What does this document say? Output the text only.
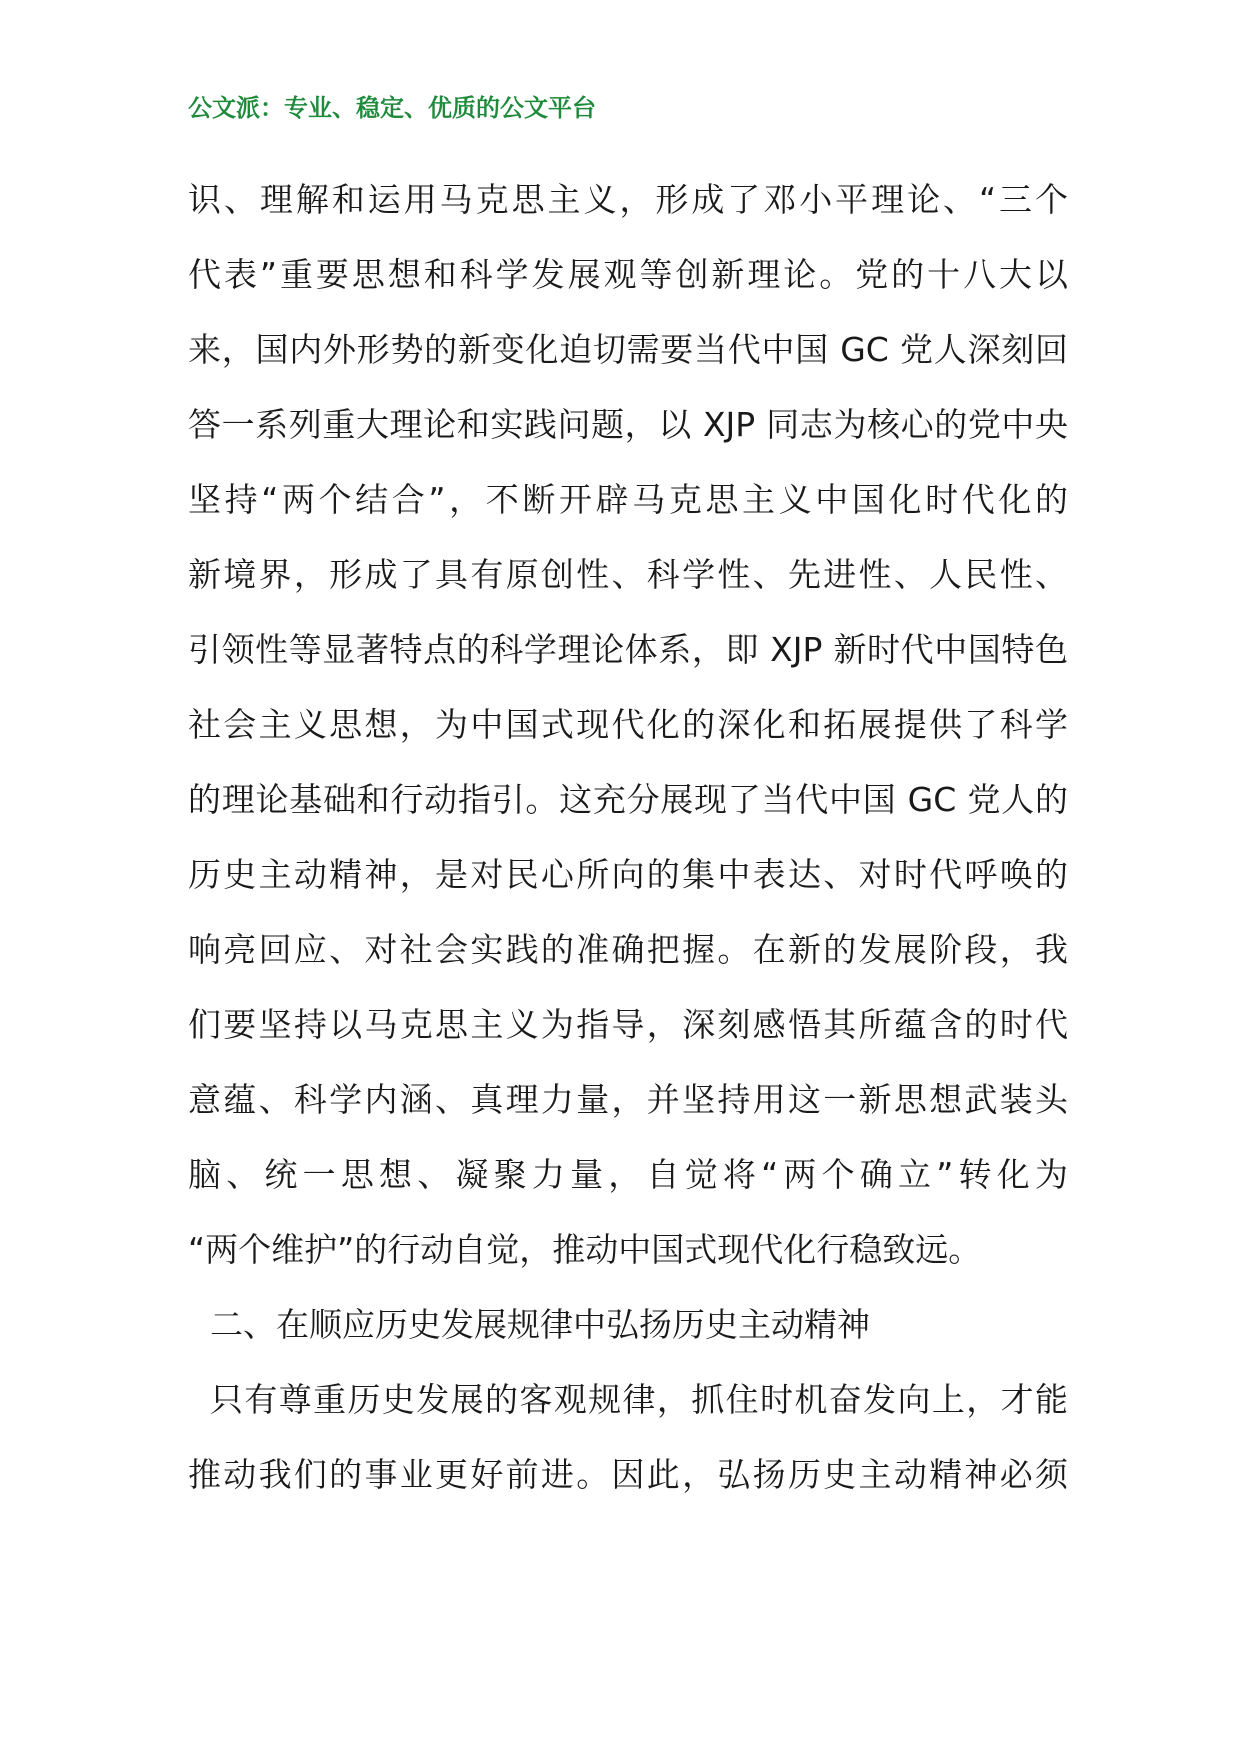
公文派：专业、稳定、优质的公文平台
识、理解和运用马克思主义，形成了邓小平理论、“三个
代表”重要思想和科学发展观等创新理论。党的十八大以
来，国内外形势的新变化迫切需要当代中国 GC 党人深刻回
答一系列重大理论和实践问题，以 XJP 同志为核心的党中央
坚持“两个结合”，不断开辟马克思主义中国化时代化的
新境界，形成了具有原创性、科学性、先进性、人民性、
引领性等显著特点的科学理论体系，即 XJP 新时代中国特色
社会主义思想，为中国式现代化的深化和拓展提供了科学
的理论基础和行动指引。这充分展现了当代中国 GC 党人的
历史主动精神，是对民心所向的集中表达、对时代呼唤的
响亮回应、对社会实践的准确把握。在新的发展阶段，我
们要坚持以马克思主义为指导，深刻感悟其所蕴含的时代
意蕴、科学内涵、真理力量，并坚持用这一新思想武装头
脑、统一思想、凝聚力量，自觉将“两个确立”转化为
“两个维护”的行动自觉，推动中国式现代化行稳致远。
二、在顺应历史发展规律中弘扬历史主动精神
只有尊重历史发展的客观规律，抓住时机奋发向上，才能
推动我们的事业更好前进。因此，弘扬历史主动精神必须
